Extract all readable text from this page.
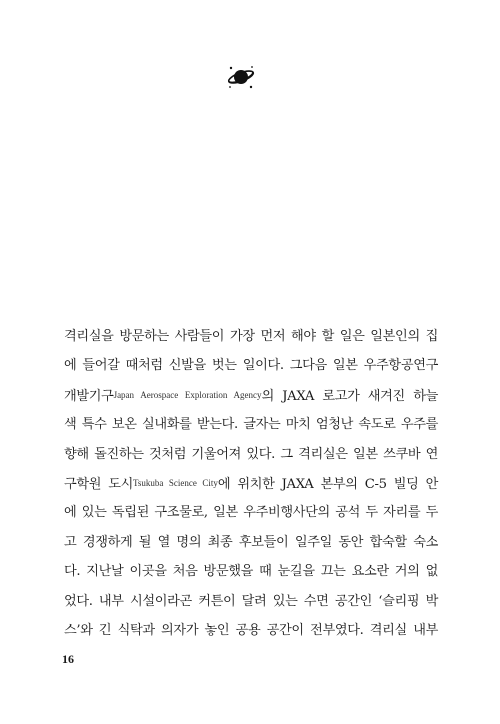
격리실을 방문하는 사람들이 가장 먼저 해야 할 일은 일본인의 집
에 들어갈 때처럼 신발을 벗는 일이다. 그다음 일본 우주항공연구
개발기구Japan Aerospace Exploration Agency의 JAXA 로고가 새겨진 하늘
색 특수 보온 실내화를 받는다. 글자는 마치 엄청난 속도로 우주를
향해 돌진하는 것처럼 기울어져 있다. 그 격리실은 일본 쓰쿠바 연
구학원 도시Tsukuba Science City에 위치한 JAXA 본부의 C-5 빌딩 안
에 있는 독립된 구조물로, 일본 우주비행사단의 공석 두 자리를 두
고 경쟁하게 될 열 명의 최종 후보들이 일주일 동안 합숙할 숙소
다. 지난날 이곳을 처음 방문했을 때 눈길을 끄는 요소란 거의 없
었다. 내부 시설이라곤 커튼이 달려 있는 수면 공간인 ‘슬리핑 박
스’와 긴 식탁과 의자가 놓인 공용 공간이 전부였다. 격리실 내부
16
